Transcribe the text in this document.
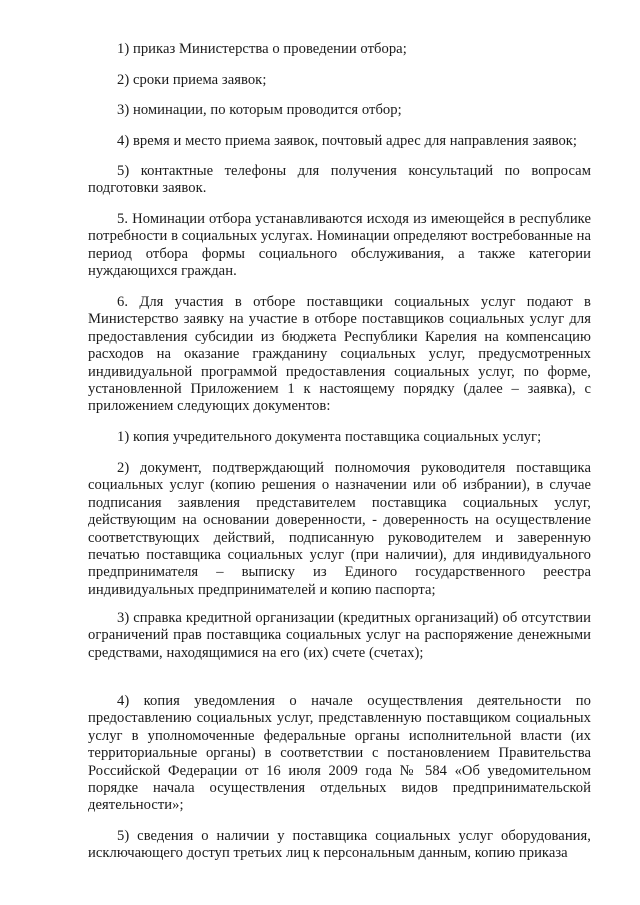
1) приказ Министерства о проведении отбора;

2) сроки приема заявок;

3) номинации, по которым проводится отбор;

4) время и место приема заявок, почтовый адрес для направления заявок;

5) контактные телефоны для получения консультаций по вопросам подготовки заявок.

5. Номинации отбора устанавливаются исходя из имеющейся в республике потребности в социальных услугах. Номинации определяют востребованные на период отбора формы социального обслуживания, а также категории нуждающихся граждан.

6. Для участия в отборе поставщики социальных услуг подают в Министерство заявку на участие в отборе поставщиков социальных услуг для предоставления субсидии из бюджета Республики Карелия на компенсацию расходов на оказание гражданину социальных услуг, предусмотренных индивидуальной программой предоставления социальных услуг, по форме, установленной Приложением 1 к настоящему порядку (далее – заявка), с приложением следующих документов:

1) копия учредительного документа поставщика социальных услуг;

2) документ, подтверждающий полномочия руководителя поставщика социальных услуг (копию решения о назначении или об избрании), в случае подписания заявления представителем поставщика социальных услуг, действующим на основании доверенности, - доверенность на осуществление соответствующих действий, подписанную руководителем и заверенную печатью поставщика социальных услуг (при наличии), для индивидуального предпринимателя – выписку из Единого государственного реестра индивидуальных предпринимателей и копию паспорта;

3) справка кредитной организации (кредитных организаций) об отсутствии ограничений прав поставщика социальных услуг на распоряжение денежными средствами, находящимися на его (их) счете (счетах);

4) копия уведомления о начале осуществления деятельности по предоставлению социальных услуг, представленную поставщиком социальных услуг в уполномоченные федеральные органы исполнительной власти (их территориальные органы) в соответствии с постановлением Правительства Российской Федерации от 16 июля 2009 года № 584 «Об уведомительном порядке начала осуществления отдельных видов предпринимательской деятельности»;

5) сведения о наличии у поставщика социальных услуг оборудования, исключающего доступ третьих лиц к персональным данным, копию приказа
